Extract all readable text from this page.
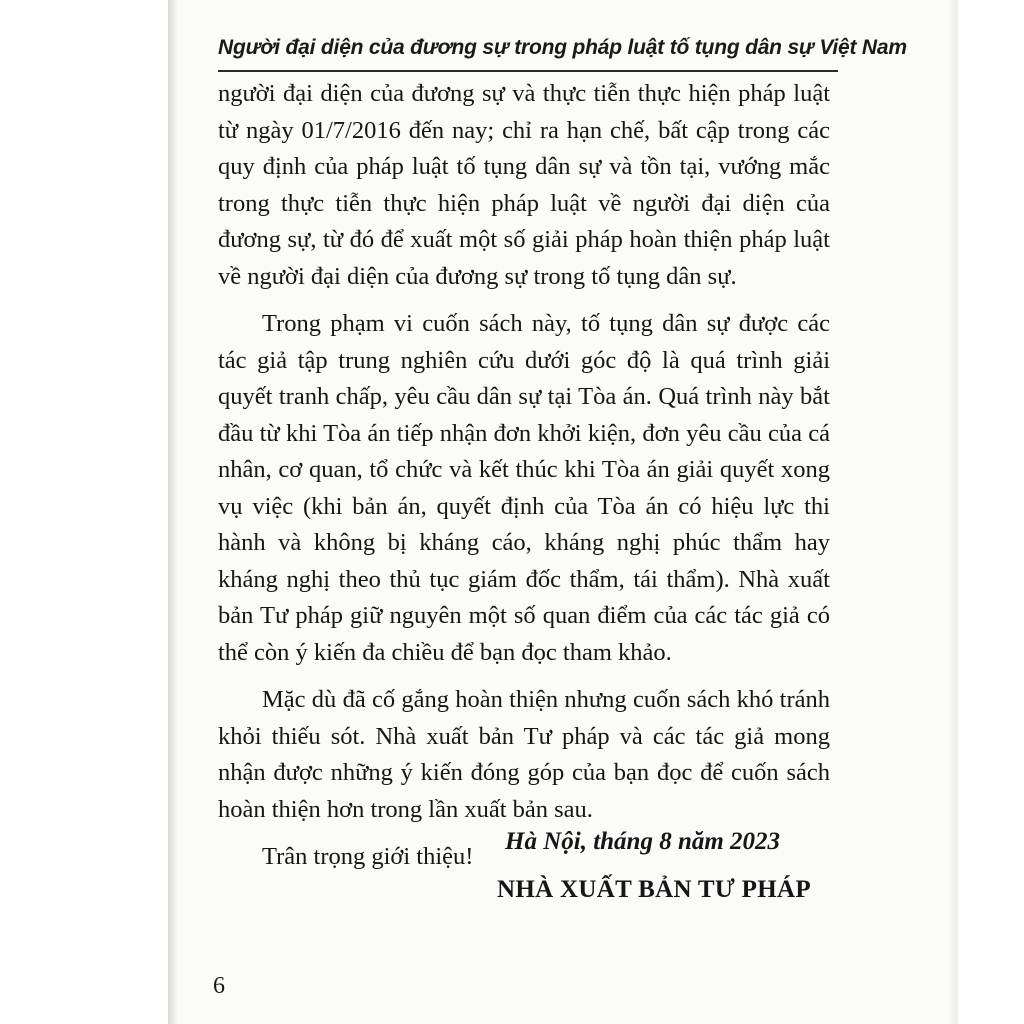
Người đại diện của đương sự trong pháp luật tố tụng dân sự Việt Nam

người đại diện của đương sự và thực tiễn thực hiện pháp luật từ ngày 01/7/2016 đến nay; chỉ ra hạn chế, bất cập trong các quy định của pháp luật tố tụng dân sự và tồn tại, vướng mắc trong thực tiễn thực hiện pháp luật về người đại diện của đương sự, từ đó để xuất một số giải pháp hoàn thiện pháp luật về người đại diện của đương sự trong tố tụng dân sự.

Trong phạm vi cuốn sách này, tố tụng dân sự được các tác giả tập trung nghiên cứu dưới góc độ là quá trình giải quyết tranh chấp, yêu cầu dân sự tại Tòa án. Quá trình này bắt đầu từ khi Tòa án tiếp nhận đơn khởi kiện, đơn yêu cầu của cá nhân, cơ quan, tổ chức và kết thúc khi Tòa án giải quyết xong vụ việc (khi bản án, quyết định của Tòa án có hiệu lực thi hành và không bị kháng cáo, kháng nghị phúc thẩm hay kháng nghị theo thủ tục giám đốc thẩm, tái thẩm). Nhà xuất bản Tư pháp giữ nguyên một số quan điểm của các tác giả có thể còn ý kiến đa chiều để bạn đọc tham khảo.

Mặc dù đã cố gắng hoàn thiện nhưng cuốn sách khó tránh khỏi thiếu sót. Nhà xuất bản Tư pháp và các tác giả mong nhận được những ý kiến đóng góp của bạn đọc để cuốn sách hoàn thiện hơn trong lần xuất bản sau.

Trân trọng giới thiệu!

Hà Nội, tháng 8 năm 2023
NHÀ XUẤT BẢN TƯ PHÁP
6
